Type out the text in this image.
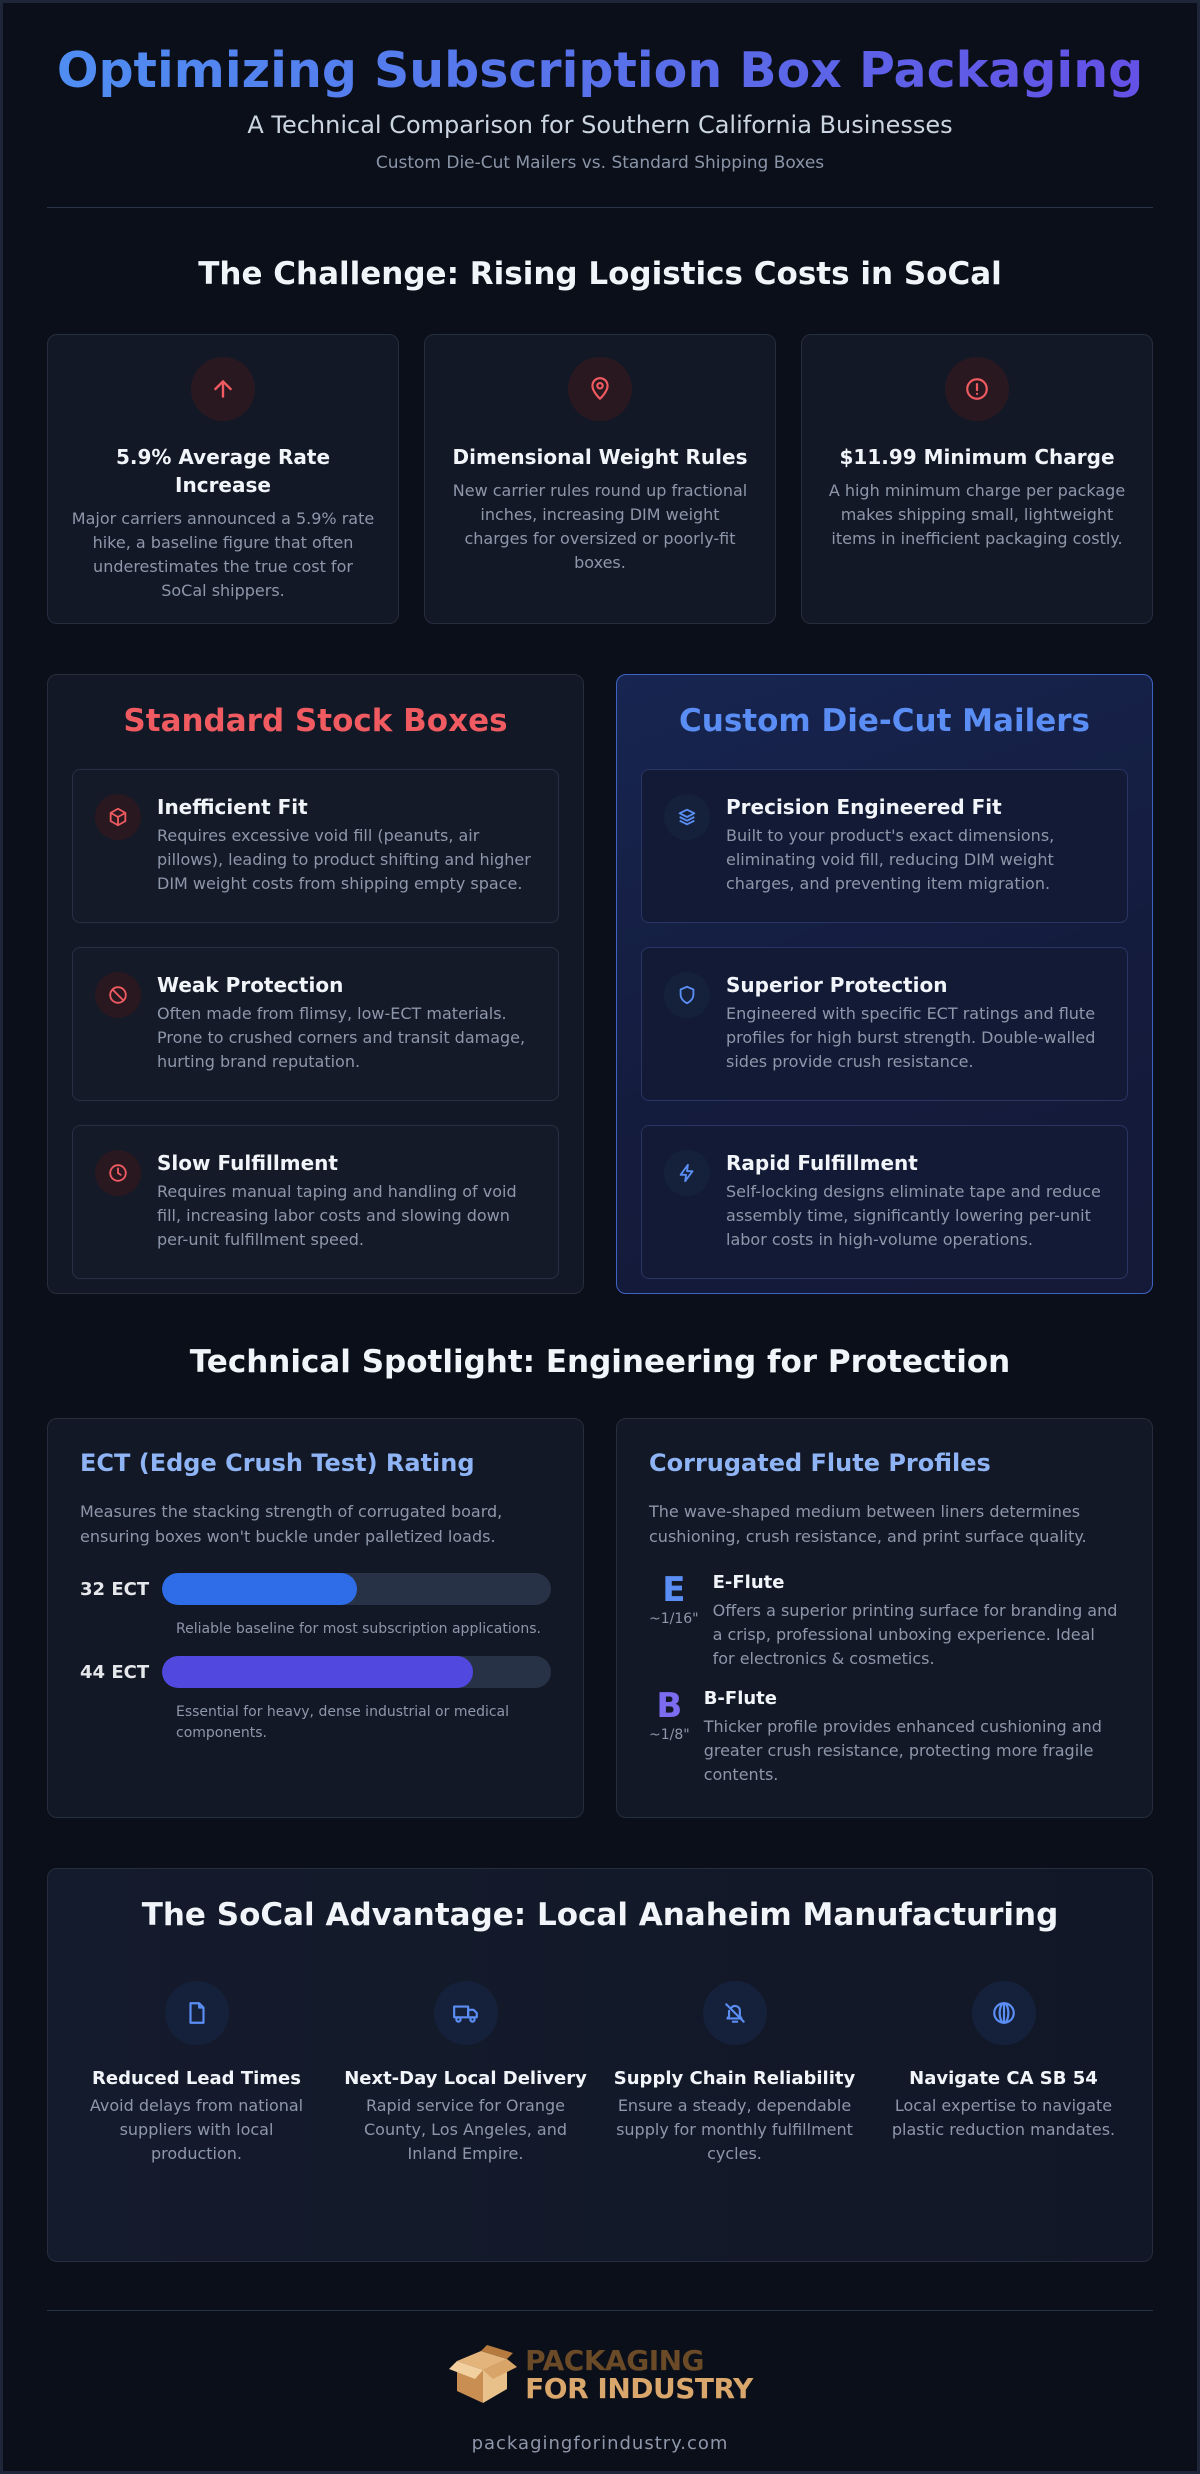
Optimizing Subscription Box Packaging
A Technical Comparison for Southern California Businesses
Custom Die-Cut Mailers vs. Standard Shipping Boxes
The Challenge: Rising Logistics Costs in SoCal
5.9% Average Rate Increase

Major carriers announced a 5.9% rate hike, a baseline figure that often underestimates the true cost for SoCal shippers.

Dimensional Weight Rules

New carrier rules round up fractional inches, increasing DIM weight charges for oversized or poorly-fit boxes.

$11.99 Minimum Charge

A high minimum charge per package makes shipping small, lightweight items in inefficient packaging costly.

Standard Stock Boxes
Inefficient Fit

Requires excessive void fill (peanuts, air pillows), leading to product shifting and higher DIM weight costs from shipping empty space.

Weak Protection

Often made from flimsy, low-ECT materials. Prone to crushed corners and transit damage, hurting brand reputation.

Slow Fulfillment

Requires manual taping and handling of void fill, increasing labor costs and slowing down per-unit fulfillment speed.

Custom Die-Cut Mailers
Precision Engineered Fit

Built to your product's exact dimensions, eliminating void fill, reducing DIM weight charges, and preventing item migration.

Superior Protection

Engineered with specific ECT ratings and flute profiles for high burst strength. Double-walled sides provide crush resistance.

Rapid Fulfillment

Self-locking designs eliminate tape and reduce assembly time, significantly lowering per-unit labor costs in high-volume operations.

Technical Spotlight: Engineering for Protection
ECT (Edge Crush Test) Rating
Measures the stacking strength of corrugated board, ensuring boxes won't buckle under palletized loads.
32 ECT
Reliable baseline for most subscription applications.
44 ECT
Essential for heavy, dense industrial or medical components.
Corrugated Flute Profiles
The wave-shaped medium between liners determines cushioning, crush resistance, and print surface quality.
E
~1/16"
E-Flute

Offers a superior printing surface for branding and a crisp, professional unboxing experience. Ideal for electronics & cosmetics.

B
~1/8"
B-Flute

Thicker profile provides enhanced cushioning and greater crush resistance, protecting more fragile contents.

The SoCal Advantage: Local Anaheim Manufacturing
Reduced Lead Times

Avoid delays from national suppliers with local production.

Next-Day Local Delivery

Rapid service for Orange County, Los Angeles, and Inland Empire.

Supply Chain Reliability

Ensure a steady, dependable supply for monthly fulfillment cycles.

Navigate CA SB 54

Local expertise to navigate plastic reduction mandates.

PACKAGING
FOR INDUSTRY
packagingforindustry.com
